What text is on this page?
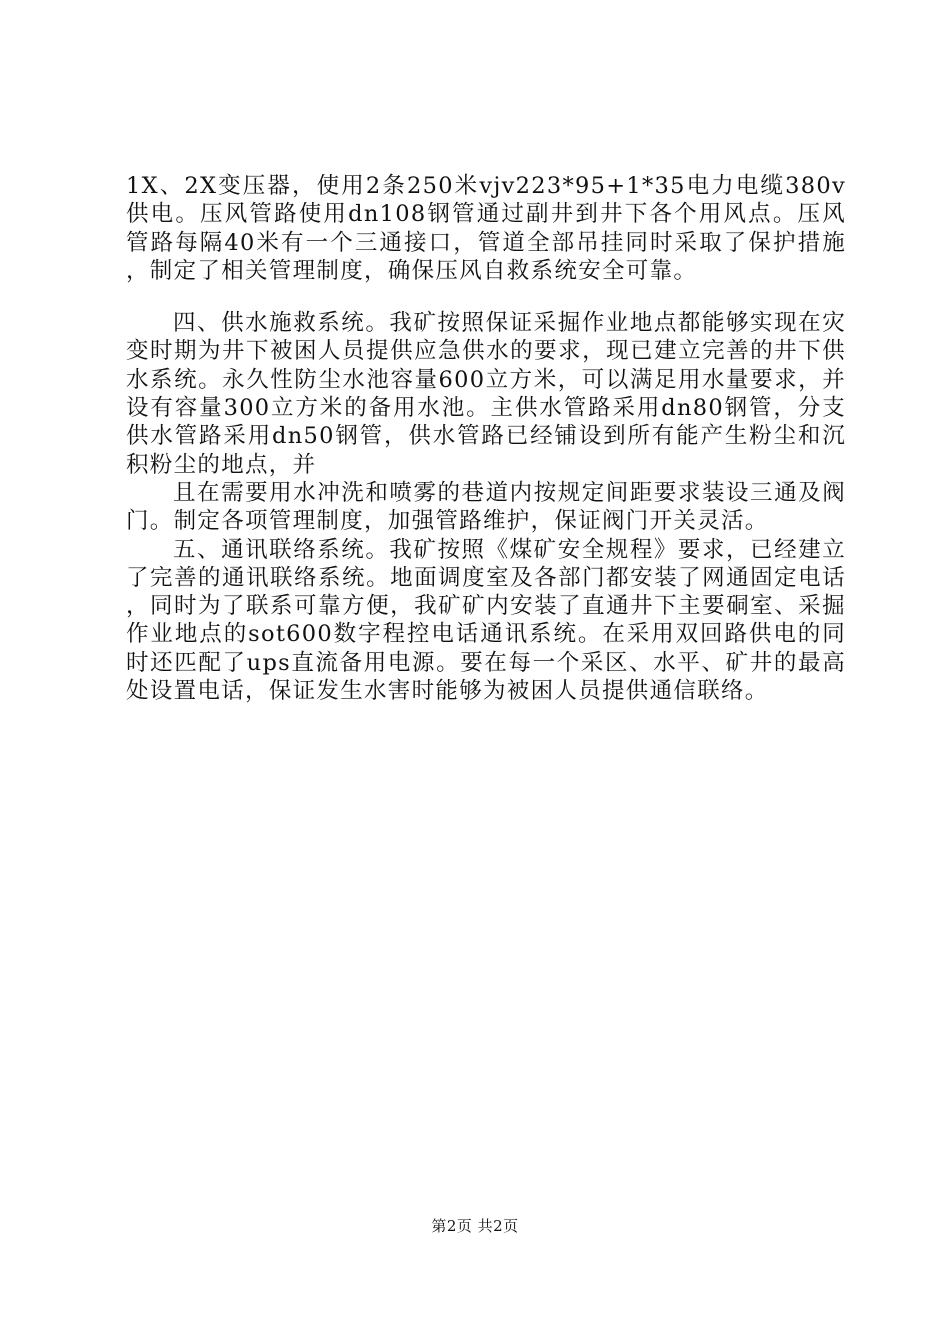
1X、2X变压器，使用2条250米vjv223*95+1*35电力电缆380v供电。压风管路使用dn108钢管通过副井到井下各个用风点。压风管路每隔40米有一个三通接口，管道全部吊挂同时采取了保护措施，制定了相关管理制度，确保压风自救系统安全可靠。

四、供水施救系统。我矿按照保证采掘作业地点都能够实现在灾变时期为井下被困人员提供应急供水的要求，现已建立完善的井下供水系统。永久性防尘水池容量600立方米，可以满足用水量要求，并设有容量300立方米的备用水池。主供水管路采用dn80钢管，分支供水管路采用dn50钢管，供水管路已经铺设到所有能产生粉尘和沉积粉尘的地点，并

且在需要用水冲洗和喷雾的巷道内按规定间距要求装设三通及阀门。制定各项管理制度，加强管路维护，保证阀门开关灵活。

五、通讯联络系统。我矿按照《煤矿安全规程》要求，已经建立了完善的通讯联络系统。地面调度室及各部门都安装了网通固定电话，同时为了联系可靠方便，我矿矿内安装了直通井下主要硐室、采掘作业地点的sot600数字程控电话通讯系统。在采用双回路供电的同时还匹配了ups直流备用电源。要在每一个采区、水平、矿井的最高处设置电话，保证发生水害时能够为被困人员提供通信联络。

第2页 共2页
